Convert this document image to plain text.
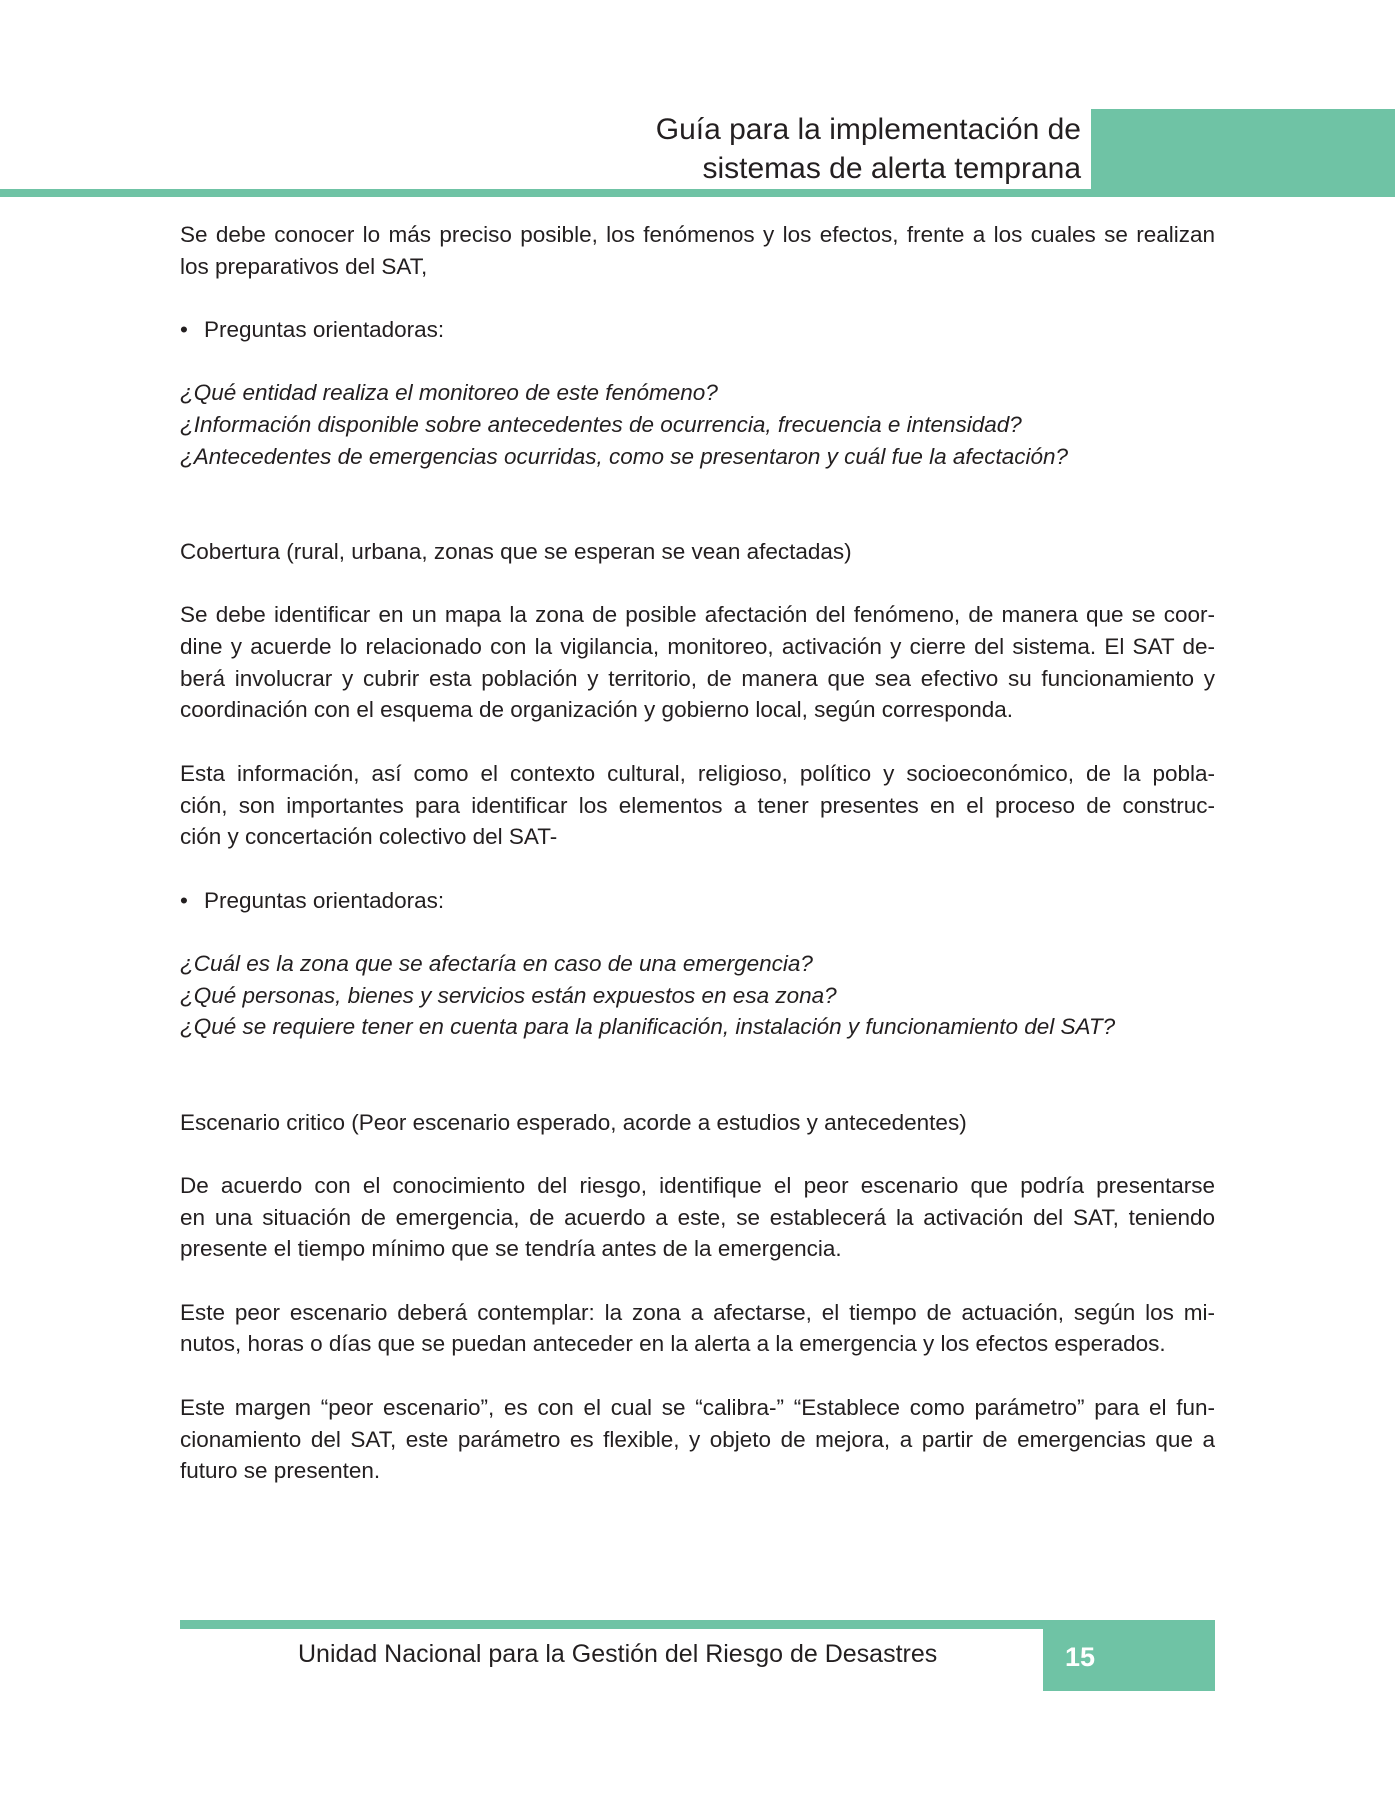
Guía para la implementación de
sistemas de alerta temprana
Se debe conocer lo más preciso posible, los fenómenos y los efectos, frente a los cuales se realizan
los preparativos del SAT,
• Preguntas orientadoras:
¿Qué entidad realiza el monitoreo de este fenómeno?
¿Información disponible sobre antecedentes de ocurrencia, frecuencia e intensidad?
¿Antecedentes de emergencias ocurridas, como se presentaron y cuál fue la afectación?
Cobertura (rural, urbana, zonas que se esperan se vean afectadas)
Se debe identificar en un mapa la zona de posible afectación del fenómeno, de manera que se coor-
dine y acuerde lo relacionado con la vigilancia, monitoreo, activación y cierre del sistema. El SAT de-
berá involucrar y cubrir esta población y territorio, de manera que sea efectivo su funcionamiento y
coordinación con el esquema de organización y gobierno local, según corresponda.
Esta información, así como el contexto cultural, religioso, político y socioeconómico, de la pobla-
ción, son importantes para identificar los elementos a tener presentes en el proceso de construc-
ción y concertación colectivo del SAT-
• Preguntas orientadoras:
¿Cuál es la zona que se afectaría en caso de una emergencia?
¿Qué personas, bienes y servicios están expuestos en esa zona?
¿Qué se requiere tener en cuenta para la planificación, instalación y funcionamiento del SAT?
Escenario critico (Peor escenario esperado, acorde a estudios y antecedentes)
De acuerdo con el conocimiento del riesgo, identifique el peor escenario que podría presentarse
en una situación de emergencia, de acuerdo a este, se establecerá la activación del SAT, teniendo
presente el tiempo mínimo que se tendría antes de la emergencia.
Este peor escenario deberá contemplar: la zona a afectarse, el tiempo de actuación, según los mi-
nutos, horas o días que se puedan anteceder en la alerta a la emergencia y los efectos esperados.
Este margen “peor escenario”, es con el cual se “calibra-” “Establece como parámetro” para el fun-
cionamiento del SAT, este parámetro es flexible, y objeto de mejora, a partir de emergencias que a
futuro se presenten.
15
Unidad Nacional para la Gestión del Riesgo de Desastres
